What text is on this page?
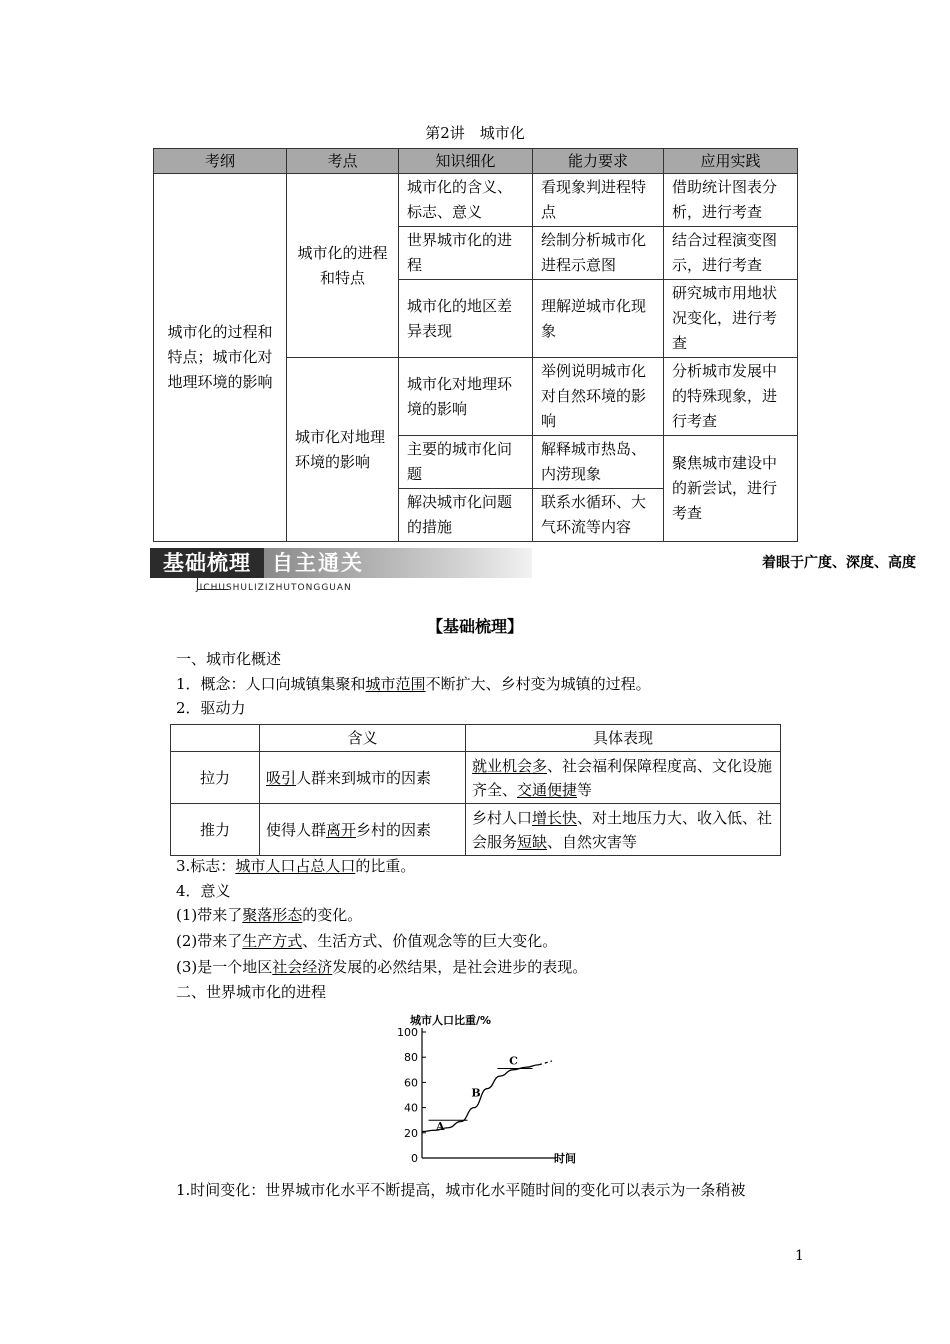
第2讲　城市化
考纲	考点	知识细化	能力要求	应用实践
城市化的过程和特点；城市化对地理环境的影响	城市化的进程和特点	城市化的含义、标志、意义	看现象判进程特点	借助统计图表分析，进行考查
		世界城市化的进程	绘制分析城市化进程示意图	结合过程演变图示，进行考查
		城市化的地区差异表现	理解逆城市化现象	研究城市用地状况变化，进行考查
	城市化对地理环境的影响	城市化对地理环境的影响	举例说明城市化对自然环境的影响	分析城市发展中的特殊现象，进行考查
		主要的城市化问题	解释城市热岛、内涝现象	聚焦城市建设中的新尝试，进行考查
		解决城市化问题的措施	联系水循环、大气环流等内容	
基础梳理	自主通关	着眼于广度、深度、高度
JICHUSHULIZIZHUTONGGUAN
【基础梳理】
一、城市化概述
1．概念：人口向城镇集聚和城市范围不断扩大、乡村变为城镇的过程。
2．驱动力
	含义	具体表现
拉力	吸引人群来到城市的因素	就业机会多、社会福利保障程度高、文化设施齐全、交通便捷等
推力	使得人群离开乡村的因素	乡村人口增长快、对土地压力大、收入低、社会服务短缺、自然灾害等
3.标志：城市人口占总人口的比重。
4．意义
(1)带来了聚落形态的变化。
(2)带来了生产方式、生活方式、价值观念等的巨大变化。
(3)是一个地区社会经济发展的必然结果，是社会进步的表现。
二、世界城市化的进程
城市人口比重/%
时间
0
20
40
60
80
100
A
B
C
1.时间变化：世界城市化水平不断提高，城市化水平随时间的变化可以表示为一条稍被
1
